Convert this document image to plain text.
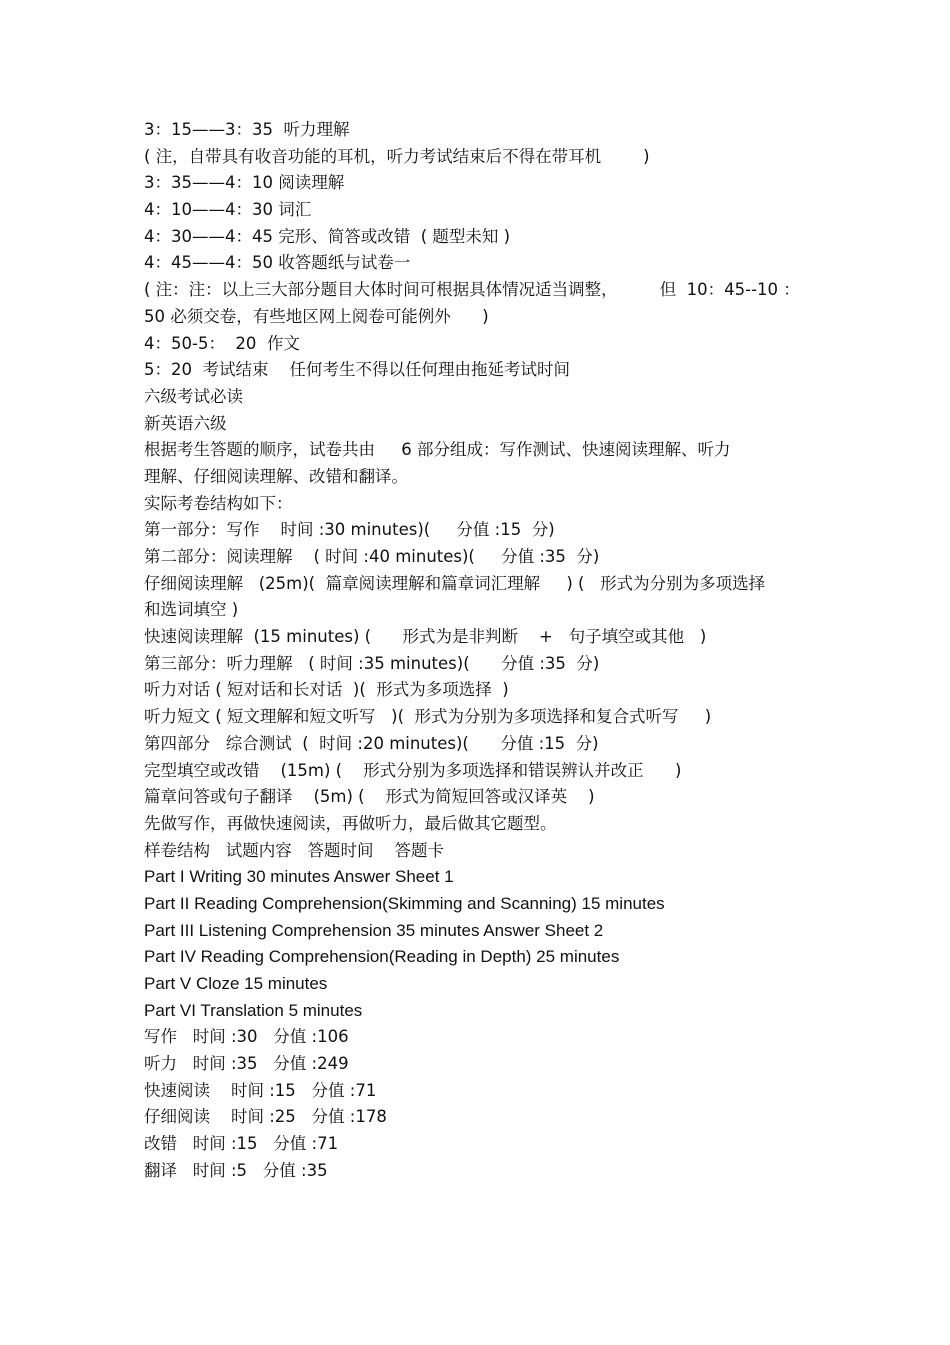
3：15——3：35  听力理解
( 注，自带具有收音功能的耳机，听力考试结束后不得在带耳机        )
3：35——4：10 阅读理解
4：10——4：30 词汇
4：30——4：45 完形、简答或改错  ( 题型未知 )
4：45——4：50 收答题纸与试卷一
( 注：注：以上三大部分题目大体时间可根据具体情况适当调整，        但  10：45--10 ：
50 必须交卷，有些地区网上阅卷可能例外      )
4：50-5：  20  作文
5：20  考试结束    任何考生不得以任何理由拖延考试时间
六级考试必读
新英语六级
根据考生答题的顺序，试卷共由     6 部分组成：写作测试、快速阅读理解、听力
理解、仔细阅读理解、改错和翻译。
实际考卷结构如下：
第一部分：写作    时间 :30 minutes)(     分值 :15  分)
第二部分：阅读理解    ( 时间 :40 minutes)(     分值 :35  分)
仔细阅读理解   (25m)(  篇章阅读理解和篇章词汇理解     ) (   形式为分别为多项选择
和选词填空 )
快速阅读理解  (15 minutes) (      形式为是非判断    +   句子填空或其他   )
第三部分：听力理解   ( 时间 :35 minutes)(      分值 :35  分)
听力对话 ( 短对话和长对话  )(  形式为多项选择  )
听力短文 ( 短文理解和短文听写   )(  形式为分别为多项选择和复合式听写     )
第四部分   综合测试  (  时间 :20 minutes)(      分值 :15  分)
完型填空或改错    (15m) (    形式分别为多项选择和错误辨认并改正      )
篇章问答或句子翻译    (5m) (    形式为简短回答或汉译英    )
先做写作，再做快速阅读，再做听力，最后做其它题型。
样卷结构   试题内容   答题时间    答题卡
Part I Writing 30 minutes Answer Sheet 1
Part II Reading Comprehension(Skimming and Scanning) 15 minutes
Part III Listening Comprehension 35 minutes Answer Sheet 2
Part IV Reading Comprehension(Reading in Depth) 25 minutes
Part V Cloze 15 minutes
Part VI Translation 5 minutes
写作   时间 :30   分值 :106
听力   时间 :35   分值 :249
快速阅读    时间 :15   分值 :71
仔细阅读    时间 :25   分值 :178
改错   时间 :15   分值 :71
翻译   时间 :5   分值 :35
